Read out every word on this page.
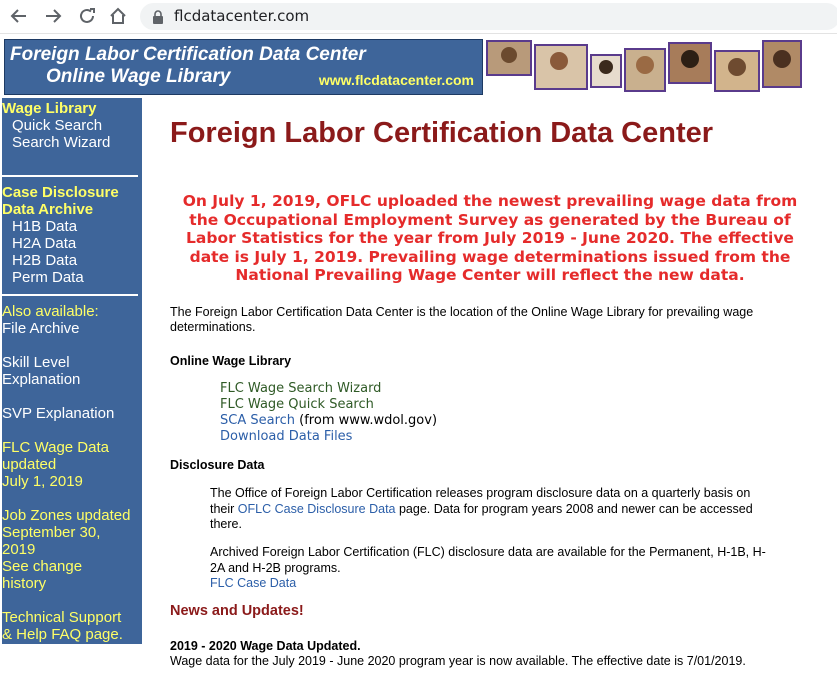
flcdatacenter.com
Foreign Labor Certification Data Center
Online Wage Library	www.flcdatacenter.com
Wage Library
Quick Search
Search Wizard
Case Disclosure
Data Archive
H1B Data
H2A Data
H2B Data
Perm Data
Also available:
File Archive
Skill Level
Explanation
SVP Explanation
FLC Wage Data
updated
July 1, 2019
Job Zones updated
September 30,
2019
See change
history
Technical Support
& Help FAQ page.
Foreign Labor Certification Data Center
On July 1, 2019, OFLC uploaded the newest prevailing wage data from the Occupational Employment Survey as generated by the Bureau of Labor Statistics for the year from July 2019 - June 2020. The effective date is July 1, 2019. Prevailing wage determinations issued from the National Prevailing Wage Center will reflect the new data.
The Foreign Labor Certification Data Center is the location of the Online Wage Library for prevailing wage determinations.
Online Wage Library
FLC Wage Search Wizard
FLC Wage Quick Search
SCA Search (from www.wdol.gov)
Download Data Files
Disclosure Data
The Office of Foreign Labor Certification releases program disclosure data on a quarterly basis on their OFLC Case Disclosure Data page. Data for program years 2008 and newer can be accessed there.
Archived Foreign Labor Certification (FLC) disclosure data are available for the Permanent, H-1B, H-2A and H-2B programs.
FLC Case Data
News and Updates!
2019 - 2020 Wage Data Updated.
Wage data for the July 2019 - June 2020 program year is now available. The effective date is 7/01/2019.
